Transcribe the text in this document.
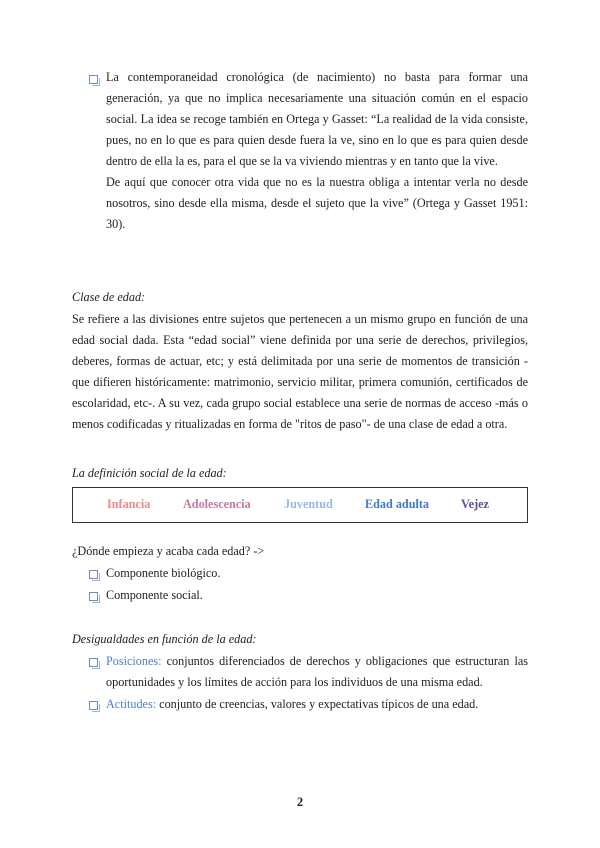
La contemporaneidad cronológica (de nacimiento) no basta para formar una generación, ya que no implica necesariamente una situación común en el espacio social. La idea se recoge también en Ortega y Gasset: “La realidad de la vida consiste, pues, no en lo que es para quien desde fuera la ve, sino en lo que es para quien desde dentro de ella la es, para el que se la va viviendo mientras y en tanto que la vive.

De aquí que conocer otra vida que no es la nuestra obliga a intentar verla no desde nosotros, sino desde ella misma, desde el sujeto que la vive” (Ortega y Gasset 1951: 30).

Clase de edad:
Se refiere a las divisiones entre sujetos que pertenecen a un mismo grupo en función de una edad social dada. Esta “edad social” viene definida por una serie de derechos, privilegios, deberes, formas de actuar, etc; y está delimitada por una serie de momentos de transición -que difieren históricamente: matrimonio, servicio militar, primera comunión, certificados de escolaridad, etc-. A su vez, cada grupo social establece una serie de normas de acceso -más o menos codificadas y ritualizadas en forma de "ritos de paso"- de una clase de edad a otra.
La definición social de la edad:
Infancia	Adolescencia	Juventud	Edad adulta	Vejez
¿Dónde empieza y acaba cada edad? ->
Componente biológico.
Componente social.
Desigualdades en función de la edad:
Posiciones: conjuntos diferenciados de derechos y obligaciones que estructuran las oportunidades y los límites de acción para los individuos de una misma edad.
Actitudes: conjunto de creencias, valores y expectativas típicos de una edad.
2
